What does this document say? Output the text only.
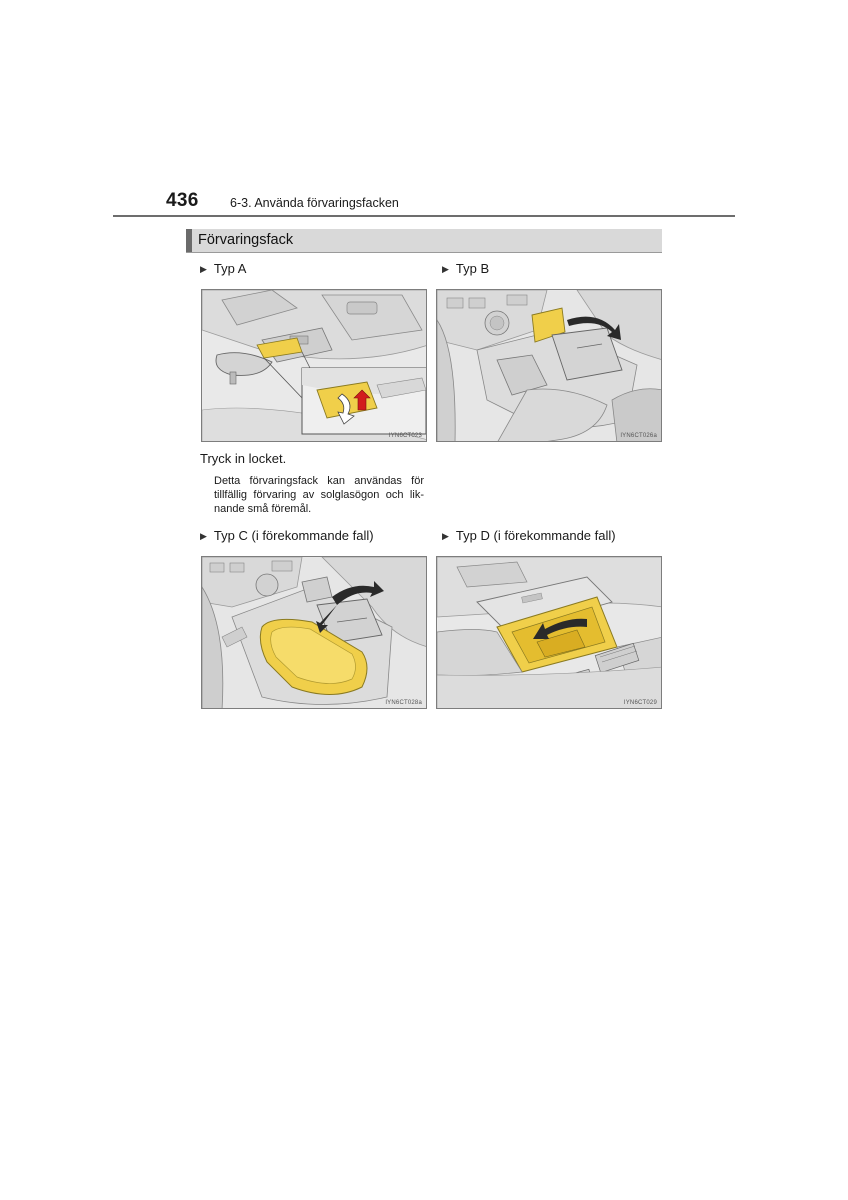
436	6-3. Använda förvaringsfacken
Förvaringsfack
▶ Typ A	▶ Typ B
IYN6CT023	IYN6CT026a
Tryck in locket.
Detta förvaringsfack kan användas för
tillfällig förvaring av solglasögon och lik-
nande små föremål.
▶ Typ C (i förekommande fall)	▶ Typ D (i förekommande fall)
IYN6CT028a	IYN6CT029
